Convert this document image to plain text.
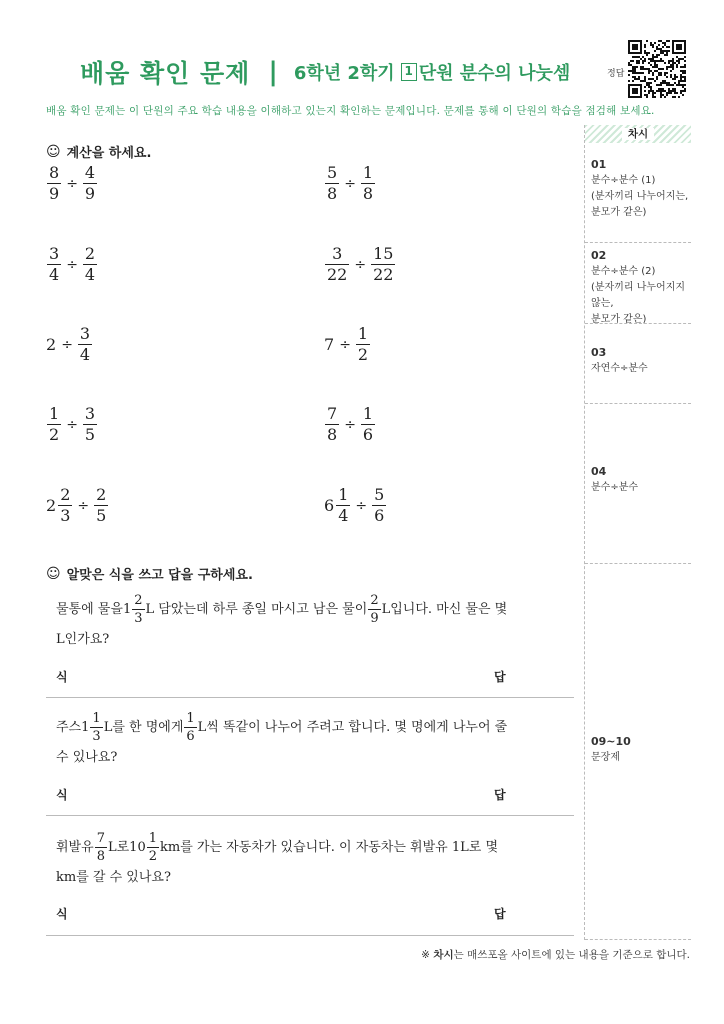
배움 확인 문제 | 6학년 2학기 1 단원 분수의 나눗셈	정답
배움 확인 문제는 이 단원의 주요 학습 내용을 이해하고 있는지 확인하는 문제입니다. 문제를 통해 이 단원의 학습을 점검해 보세요.
차시
01
분수÷분수 (1)
(분자끼리 나누어지는,
분모가 같은)
02
분수÷분수 (2)
(분자끼리 나누어지지않는,
분모가 같은)
03
자연수÷분수
04
분수÷분수
09~10
문장제
☺ 계산을 하세요.
$\frac{8}{9} \div \frac{4}{9}$	$\frac{5}{8} \div \frac{1}{8}$
$\frac{3}{4} \div \frac{2}{4}$	$\frac{3}{22} \div \frac{15}{22}$
$2 \div \frac{3}{4}$	$7 \div \frac{1}{2}$
$\frac{1}{2} \div \frac{3}{5}$	$\frac{7}{8} \div \frac{1}{6}$
$2 \frac{2}{3} \div \frac{2}{5}$	$6 \frac{1}{4} \div \frac{5}{6}$
☺ 알맞은 식을 쓰고 답을 구하세요.
물통에 물을 $1 \frac{2}{3}$ L 담았는데 하루 종일 마시고 남은 물이 $\frac{2}{9}$ L입니다. 마신 물은 몇
L인가요?
식	답
주스 $1 \frac{1}{3}$ L를 한 명에게 $\frac{1}{6}$ L씩 똑같이 나누어 주려고 합니다. 몇 명에게 나누어 줄
수 있나요?
식	답
휘발유 $\frac{7}{8}$ L로 $10 \frac{1}{2}$ km를 가는 자동차가 있습니다. 이 자동차는 휘발유 1L로 몇
km를 갈 수 있나요?
식	답
※ 차시는 매쓰포올 사이트에 있는 내용을 기준으로 합니다.
